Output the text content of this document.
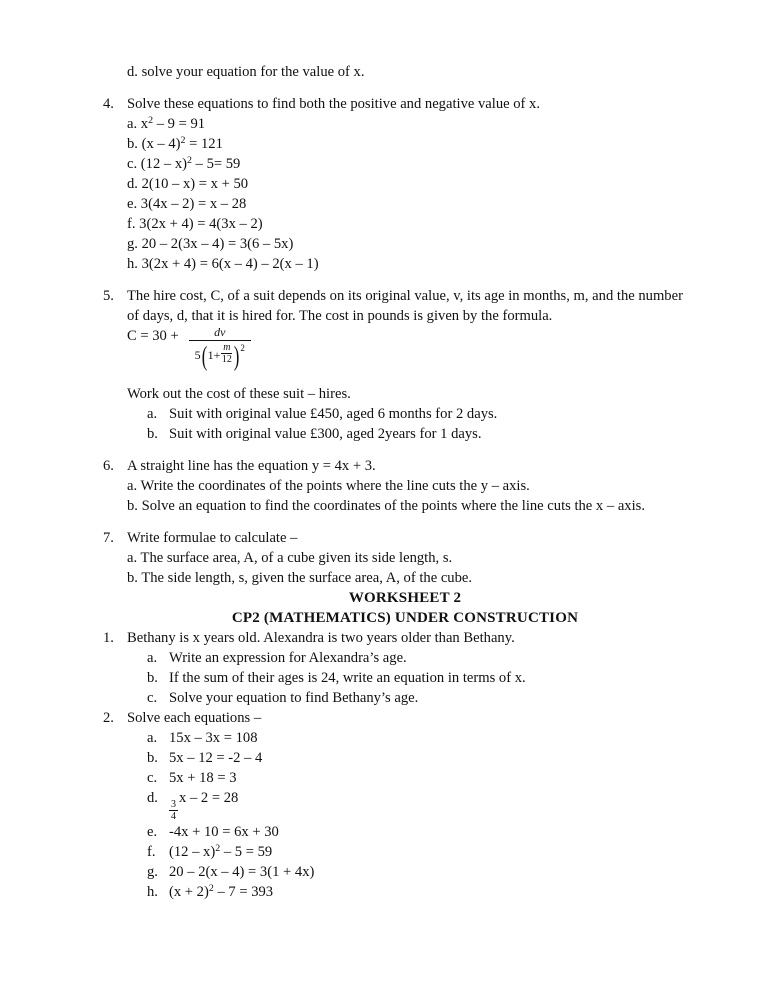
d. solve your equation for the value of x.
4. Solve these equations to find both the positive and negative value of x.
a. $x^2 - 9 = 91$
b. (x – 4)$^2$ = 121
c. (12 – x)$^2$ – 5= 59
d. 2(10 – x) = x + 50
e. 3(4x – 2) = x – 28
f. 3(2x + 4) = 4(3x – 2)
g. 20 – 2(3x – 4) = 3(6 – 5x)
h. 3(2x + 4) = 6(x – 4) – 2(x – 1)
5. The hire cost, C, of a suit depends on its original value, v, its age in months, m, and the number
of days, d, that it is hired for. The cost in pounds is given by the formula.
C = 30 +	dv
5 ( 1+ m
12 ) 2
Work out the cost of these suit – hires.
a. Suit with original value £450, aged 6 months for 2 days.
b. Suit with original value £300, aged 2years for 1 days.
6. A straight line has the equation y = 4x + 3.
a. Write the coordinates of the points where the line cuts the y – axis.
b. Solve an equation to find the coordinates of the points where the line cuts the x – axis.
7. Write formulae to calculate –
a. The surface area, A, of a cube given its side length, s.
b. The side length, s, given the surface area, A, of the cube.
WORKSHEET 2
CP2 (MATHEMATICS) UNDER CONSTRUCTION
1. Bethany is x years old. Alexandra is two years older than Bethany.
a. Write an expression for Alexandra’s age.
b. If the sum of their ages is 24, write an equation in terms of x.
c. Solve your equation to find Bethany’s age.
2. Solve each equations –
a. 15x – 3x = 108
b. 5x – 12 = -2 – 4
c. 5x + 18 = 3
d.
$\frac{3}{4}$
x – 2 = 28
e. -4x + 10 = 6x + 30
f. (12 – x)$^2$ – 5 = 59
g. 20 – 2(x – 4) = 3(1 + 4x)
h. $(x + 2)^2 - 7 = 393$
